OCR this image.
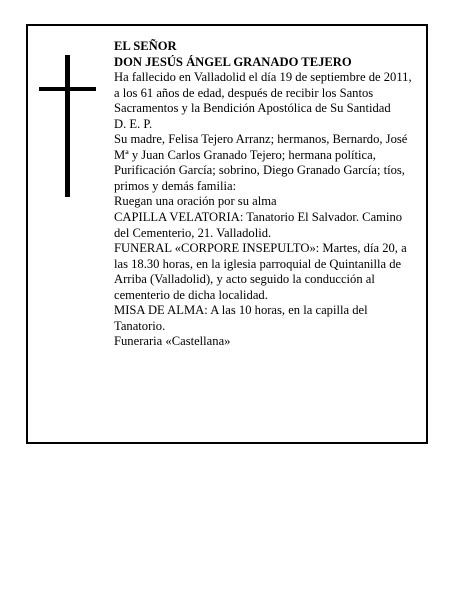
EL SEÑOR

DON JESÚS ÁNGEL GRANADO TEJERO

Ha fallecido en Valladolid el día 19 de septiembre de 2011, a los 61 años de edad, después de recibir los Santos Sacramentos y la Bendición Apostólica de Su Santidad

D. E. P.

Su madre, Felisa Tejero Arranz; hermanos, Bernardo, José Mª y Juan Carlos Granado Tejero; hermana política, Purificación García; sobrino, Diego Granado García; tíos, primos y demás familia:

Ruegan una oración por su alma

CAPILLA VELATORIA: Tanatorio El Salvador. Camino del Cementerio, 21. Valladolid.

FUNERAL «CORPORE INSEPULTO»: Martes, día 20, a las 18.30 horas, en la iglesia parroquial de Quintanilla de Arriba (Valladolid), y acto seguido la conducción al cementerio de dicha localidad.

MISA DE ALMA: A las 10 horas, en la capilla del Tanatorio.

Funeraria «Castellana»
